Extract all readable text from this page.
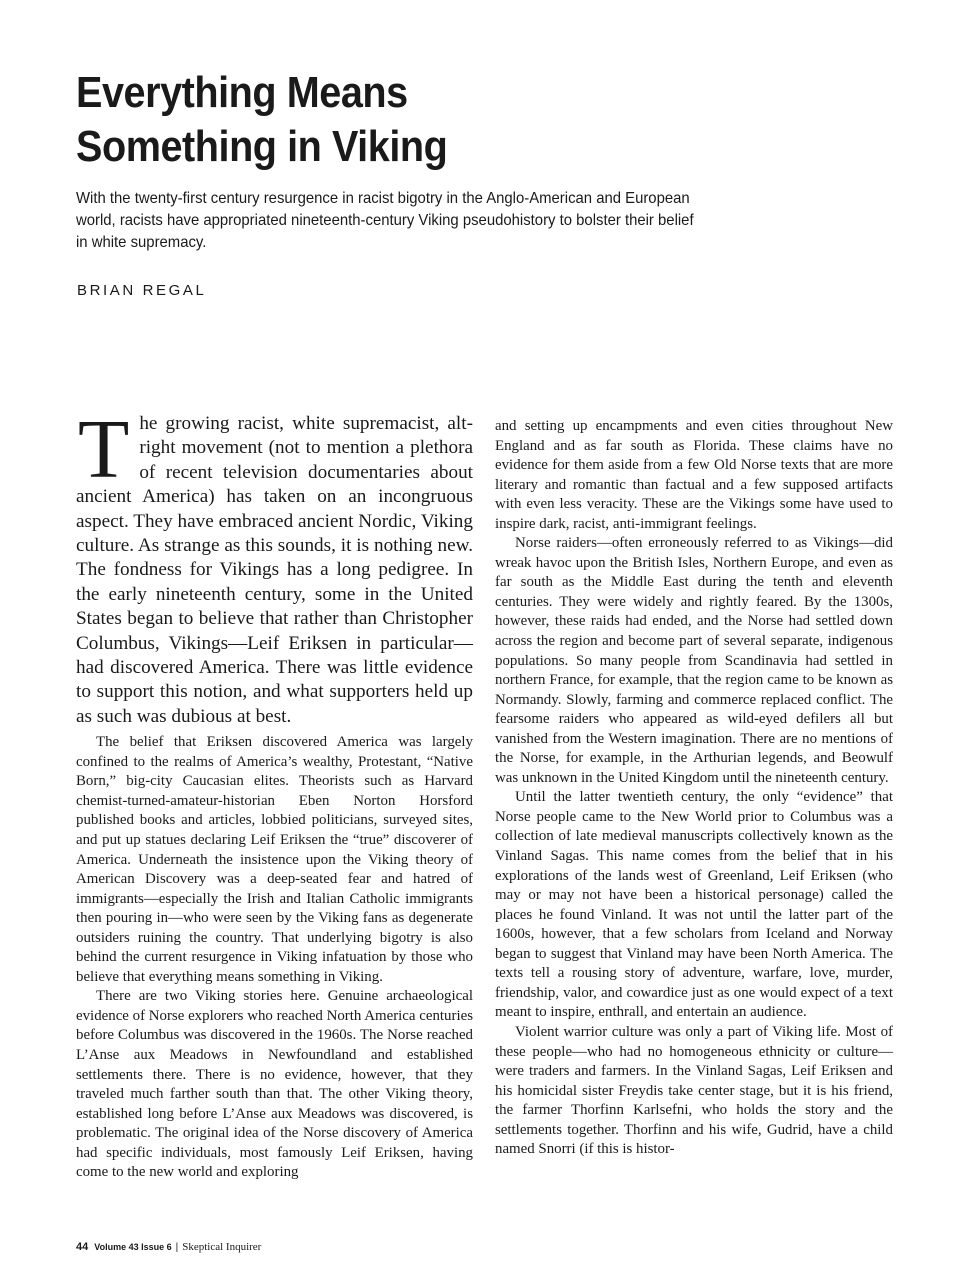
Everything Means
Something in Viking

With the twenty-first century resurgence in racist bigotry in the Anglo-American and European world, racists have appropriated nineteenth-century Viking pseudohistory to bolster their belief in white supremacy.

BRIAN REGAL

The growing racist, white supremacist, alt-right movement (not to mention a plethora of recent television documentaries about ancient America) has taken on an incongruous aspect. They have embraced ancient Nordic, Viking culture. As strange as this sounds, it is nothing new. The fondness for Vikings has a long pedigree. In the early nineteenth century, some in the United States began to believe that rather than Christopher Columbus, Vikings—Leif Eriksen in particular—had discovered America. There was little evidence to support this notion, and what supporters held up as such was dubious at best.

The belief that Eriksen discovered America was largely confined to the realms of America’s wealthy, Protestant, “Native Born,” big-city Caucasian elites. Theorists such as Harvard chemist-turned-amateur-historian Eben Norton Horsford published books and articles, lobbied politicians, surveyed sites, and put up statues declaring Leif Eriksen the “true” discoverer of America. Underneath the insistence upon the Viking theory of American Discovery was a deep-seated fear and hatred of immigrants—especially the Irish and Italian Catholic immigrants then pouring in—who were seen by the Viking fans as degenerate outsiders ruining the country. That underlying bigotry is also behind the current resurgence in Viking infatuation by those who believe that everything means something in Viking.

There are two Viking stories here. Genuine archaeological evidence of Norse explorers who reached North America centuries before Columbus was discovered in the 1960s. The Norse reached L’Anse aux Meadows in Newfoundland and established settlements there. There is no evidence, however, that they traveled much farther south than that. The other Viking theory, established long before L’Anse aux Meadows was discovered, is problematic. The original idea of the Norse discovery of America had specific individuals, most famously Leif Eriksen, having come to the new world and exploring

and setting up encampments and even cities throughout New England and as far south as Florida. These claims have no evidence for them aside from a few Old Norse texts that are more literary and romantic than factual and a few supposed artifacts with even less veracity. These are the Vikings some have used to inspire dark, racist, anti-immigrant feelings.

Norse raiders—often erroneously referred to as Vikings—did wreak havoc upon the British Isles, Northern Europe, and even as far south as the Middle East during the tenth and eleventh centuries. They were widely and rightly feared. By the 1300s, however, these raids had ended, and the Norse had settled down across the region and become part of several separate, indigenous populations. So many people from Scandinavia had settled in northern France, for example, that the region came to be known as Normandy. Slowly, farming and commerce replaced conflict. The fearsome raiders who appeared as wild-eyed defilers all but vanished from the Western imagination. There are no mentions of the Norse, for example, in the Arthurian legends, and Beowulf was unknown in the United Kingdom until the nineteenth century.

Until the latter twentieth century, the only “evidence” that Norse people came to the New World prior to Columbus was a collection of late medieval manuscripts collectively known as the Vinland Sagas. This name comes from the belief that in his explorations of the lands west of Greenland, Leif Eriksen (who may or may not have been a historical personage) called the places he found Vinland. It was not until the latter part of the 1600s, however, that a few scholars from Iceland and Norway began to suggest that Vinland may have been North America. The texts tell a rousing story of adventure, warfare, love, murder, friendship, valor, and cowardice just as one would expect of a text meant to inspire, enthrall, and entertain an audience.

Violent warrior culture was only a part of Viking life. Most of these people—who had no homogeneous ethnicity or culture—were traders and farmers. In the Vinland Sagas, Leif Eriksen and his homicidal sister Freydis take center stage, but it is his friend, the farmer Thorfinn Karlsefni, who holds the story and the settlements together. Thorfinn and his wife, Gudrid, have a child named Snorri (if this is histor-

44 Volume 43 Issue 6 | Skeptical Inquirer
